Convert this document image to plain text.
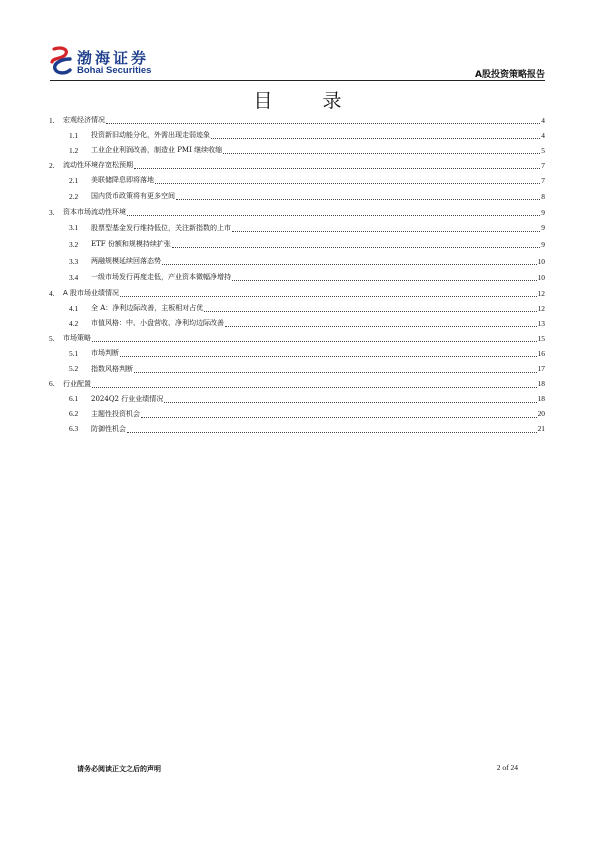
渤海证券
Bohai Securities	A股投资策略报告
目 录
1.	宏观经济情况	4
1.1	投资新旧动能分化，外需出现走弱迹象	4
1.2	工业企业利润改善，制造业 PMI 继续收缩	5
2.	流动性环境存宽松预期	7
2.1	美联储降息即将落地	7
2.2	国内货币政策将有更多空间	8
3.	资本市场流动性环境	9
3.1	股票型基金发行维持低位，关注新指数的上市	9
3.2	ETF 份额和规模持续扩张	9
3.3	两融规模延续回落态势	10
3.4	一级市场发行再度走低，产业资本微幅净增持	10
4.	A 股市场业绩情况	12
4.1	全 A：净利边际改善，主板相对占优	12
4.2	市值风格：中、小盘营收、净利均边际改善	13
5.	市场策略	15
5.1	市场判断	16
5.2	指数风格判断	17
6.	行业配置	18
6.1	2024Q2 行业业绩情况	18
6.2	主题性投资机会	20
6.3	防御性机会	21
请务必阅读正文之后的声明	2 of 24
